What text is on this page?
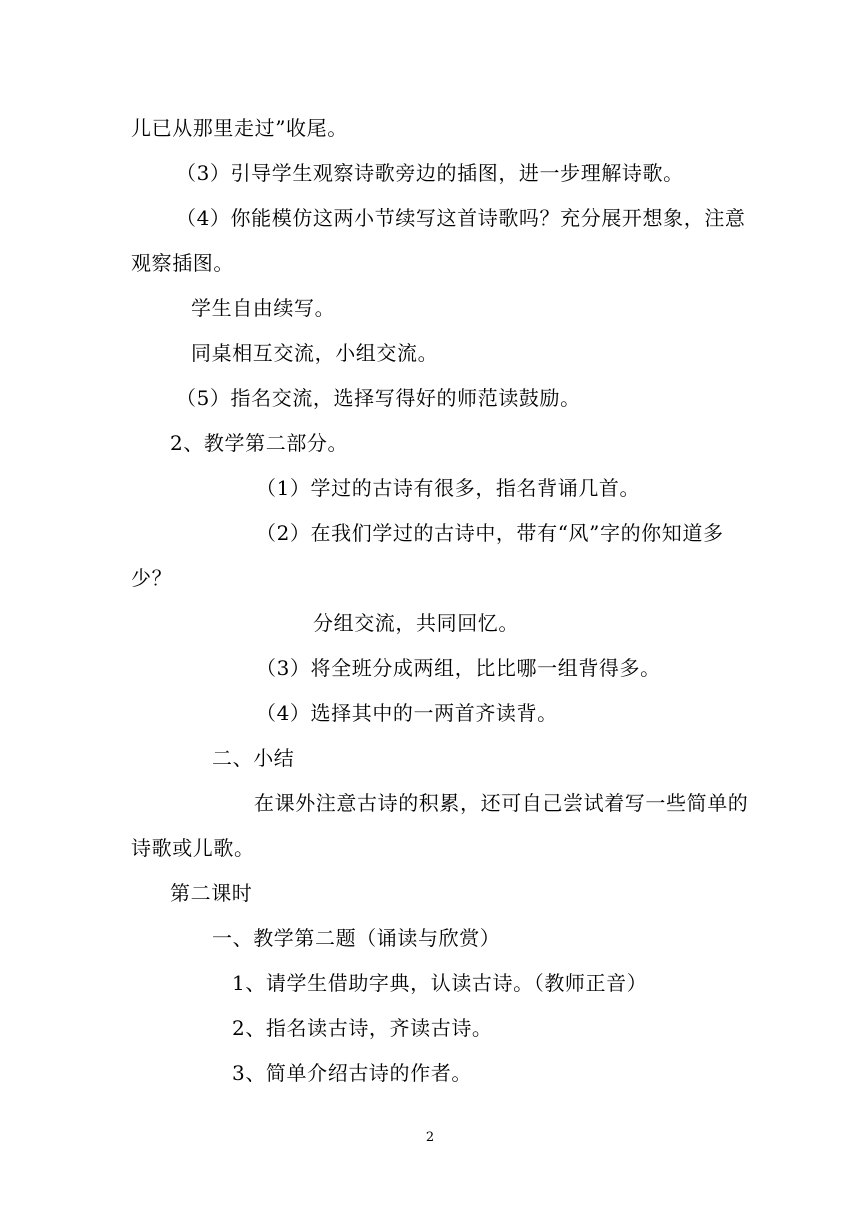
儿已从那里走过”收尾。

（3）引导学生观察诗歌旁边的插图，进一步理解诗歌。

（4）你能模仿这两小节续写这首诗歌吗？充分展开想象，注意

观察插图。

学生自由续写。

同桌相互交流，小组交流。

（5）指名交流，选择写得好的师范读鼓励。

2、教学第二部分。

（1）学过的古诗有很多，指名背诵几首。

（2）在我们学过的古诗中，带有“风”字的你知道多

少？

分组交流，共同回忆。

（3）将全班分成两组，比比哪一组背得多。

（4）选择其中的一两首齐读背。

二、小结

在课外注意古诗的积累，还可自己尝试着写一些简单的

诗歌或儿歌。

第二课时

一、教学第二题（诵读与欣赏）

1、请学生借助字典，认读古诗。（教师正音）

2、指名读古诗，齐读古诗。

3、简单介绍古诗的作者。

2
